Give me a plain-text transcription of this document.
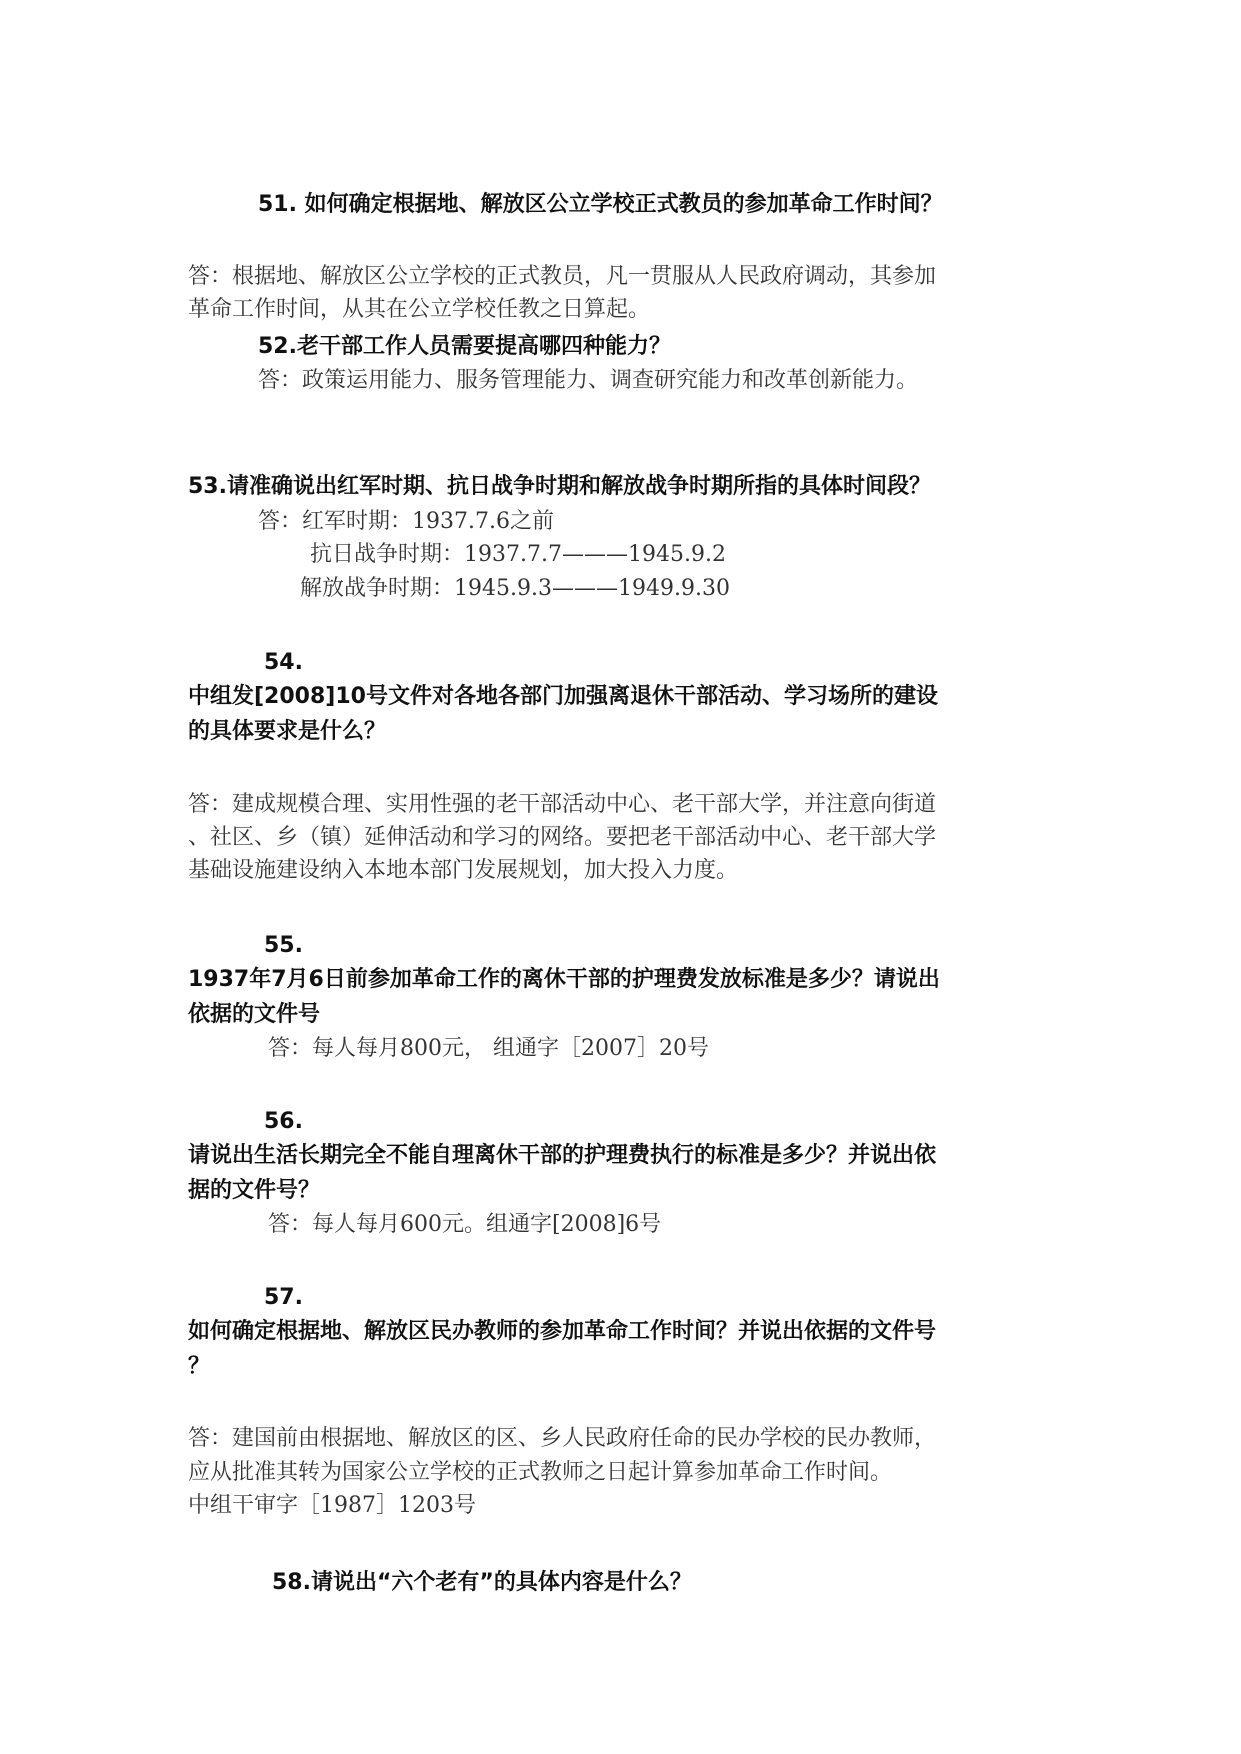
51. 如何确定根据地、解放区公立学校正式教员的参加革命工作时间？
答：根据地、解放区公立学校的正式教员，凡一贯服从人民政府调动，其参加
革命工作时间，从其在公立学校任教之日算起。
52.老干部工作人员需要提高哪四种能力？
答：政策运用能力、服务管理能力、调查研究能力和改革创新能力。
53.请准确说出红军时期、抗日战争时期和解放战争时期所指的具体时间段？
答：红军时期：1937.7.6之前
抗日战争时期：1937.7.7———1945.9.2
解放战争时期：1945.9.3———1949.9.30
54.
中组发[2008]10号文件对各地各部门加强离退休干部活动、学习场所的建设
的具体要求是什么？
答：建成规模合理、实用性强的老干部活动中心、老干部大学，并注意向街道
、社区、乡（镇）延伸活动和学习的网络。要把老干部活动中心、老干部大学
基础设施建设纳入本地本部门发展规划，加大投入力度。
55.
1937年7月6日前参加革命工作的离休干部的护理费发放标准是多少？请说出
依据的文件号
答：每人每月800元， 组通字［2007］20号
56.
请说出生活长期完全不能自理离休干部的护理费执行的标准是多少？并说出依
据的文件号？
答：每人每月600元。组通字[2008]6号
57.
如何确定根据地、解放区民办教师的参加革命工作时间？并说出依据的文件号
？
答：建国前由根据地、解放区的区、乡人民政府任命的民办学校的民办教师，
应从批准其转为国家公立学校的正式教师之日起计算参加革命工作时间。
中组干审字［1987］1203号
58.请说出“六个老有”的具体内容是什么？
